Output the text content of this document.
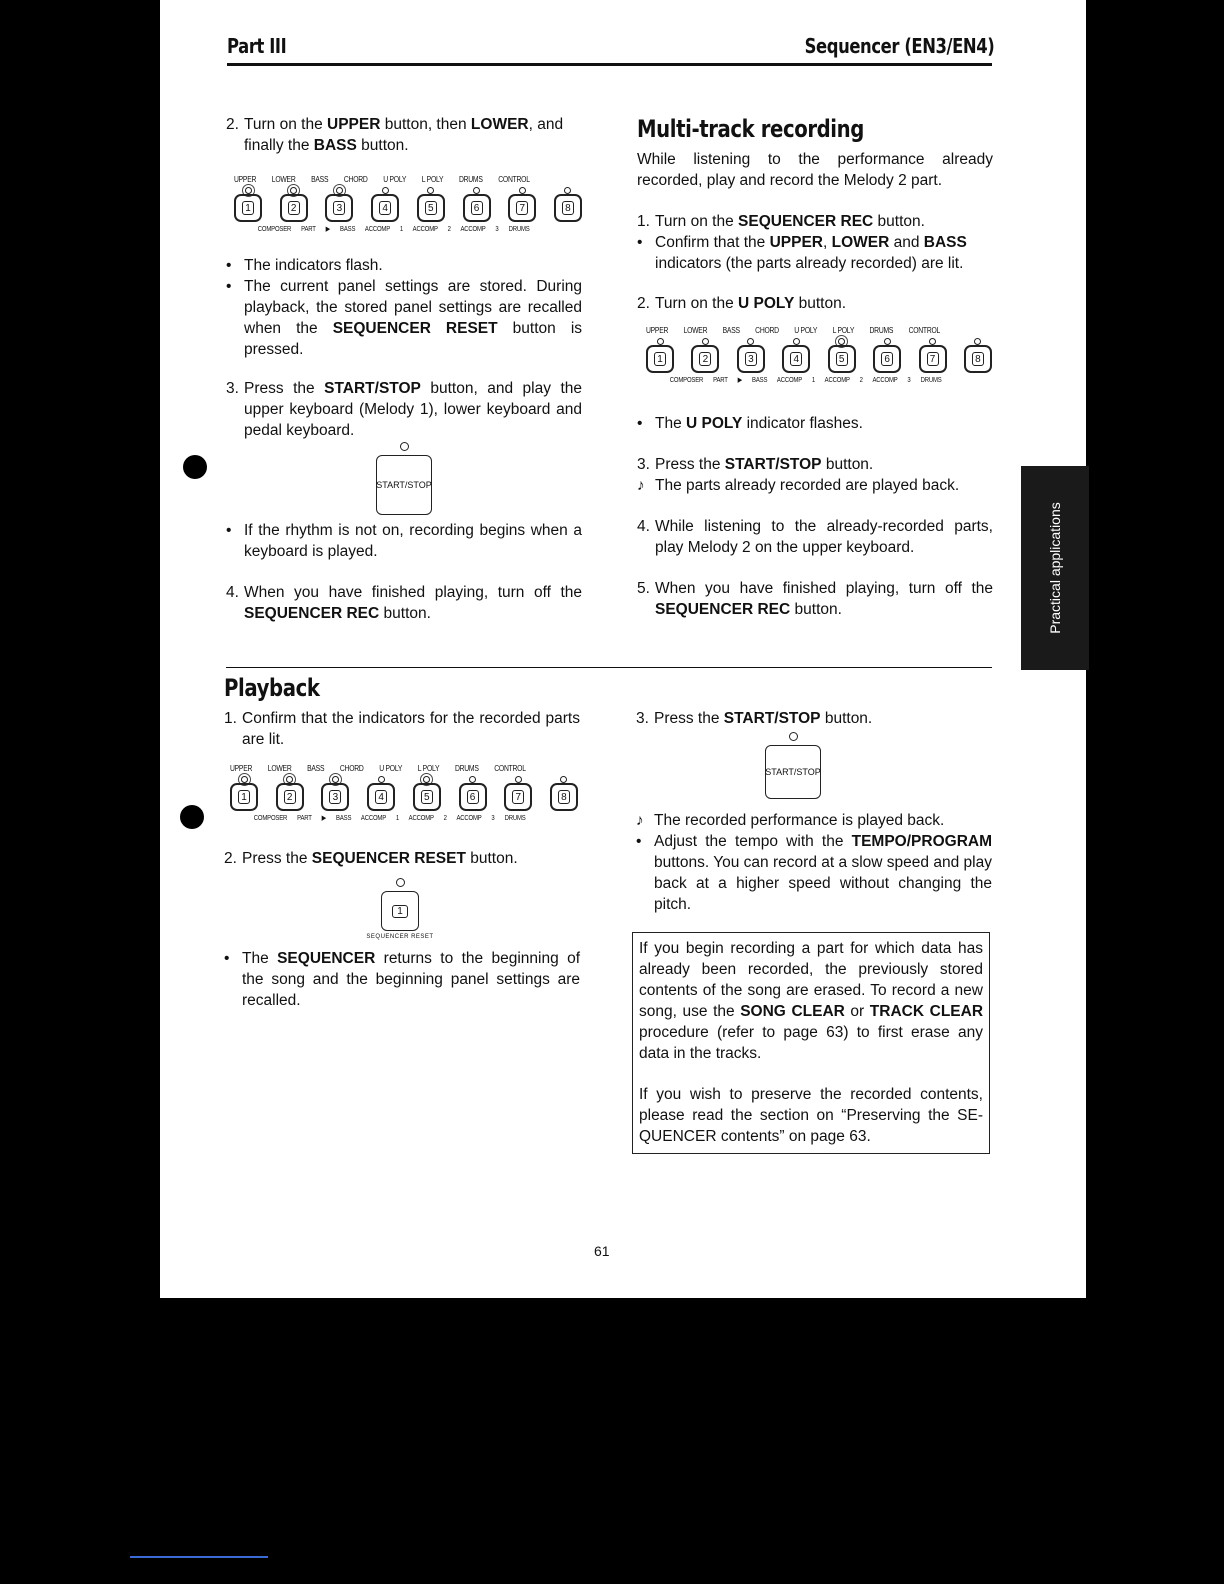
Part III	Sequencer (EN3/EN4)
2. Turn on the UPPER button, then LOWER, and finally the BASS button.
UPPER LOWER BASS CHORD U POLY L POLY DRUMS CONTROL
1	2	3	4	5	6	7	8
COMPOSER PART ▶ BASS ACCOMP 1 ACCOMP 2 ACCOMP 3 DRUMS
• The indicators flash.
• The current panel settings are stored. During playback, the stored panel settings are recalled when the SEQUENCER RESET button is pressed.
3. Press the START/STOP button, and play the upper keyboard (Melody 1), lower keyboard and pedal keyboard.
START/STOP
• If the rhythm is not on, recording begins when a keyboard is played.
4. When you have finished playing, turn off the SEQUENCER REC button.
Multi-track recording
While listening to the performance already recorded, play and record the Melody 2 part.
1. Turn on the SEQUENCER REC button.
• Confirm that the UPPER, LOWER and BASS indicators (the parts already recorded) are lit.
2. Turn on the U POLY button.
UPPER LOWER BASS CHORD U POLY L POLY DRUMS CONTROL
1	2	3	4	5	6	7	8
COMPOSER PART ▶ BASS ACCOMP 1 ACCOMP 2 ACCOMP 3 DRUMS
• The U POLY indicator flashes.
3. Press the START/STOP button.
♪ The parts already recorded are played back.
4. While listening to the already-recorded parts, play Melody 2 on the upper keyboard.
5. When you have finished playing, turn off the SEQUENCER REC button.	Practical applications
Playback
1. Confirm that the indicators for the recorded parts are lit.
UPPER LOWER BASS CHORD U POLY L POLY DRUMS CONTROL
1	2	3	4	5	6	7	8
COMPOSER PART ▶ BASS ACCOMP 1 ACCOMP 2 ACCOMP 3 DRUMS
2. Press the SEQUENCER RESET button.
1
SEQUENCER RESET
• The SEQUENCER returns to the beginning of the song and the beginning panel settings are recalled.
3. Press the START/STOP button.
START/STOP
♪ The recorded performance is played back.
• Adjust the tempo with the TEMPO/PROGRAM buttons. You can record at a slow speed and play back at a higher speed without changing the pitch.
If you begin recording a part for which data has already been recorded, the previously stored contents of the song are erased. To record a new song, use the SONG CLEAR or TRACK CLEAR procedure (refer to page 63) to first erase any data in the tracks.
If you wish to preserve the recorded contents, please read the section on “Preserving the SE-QUENCER contents” on page 63.
61
